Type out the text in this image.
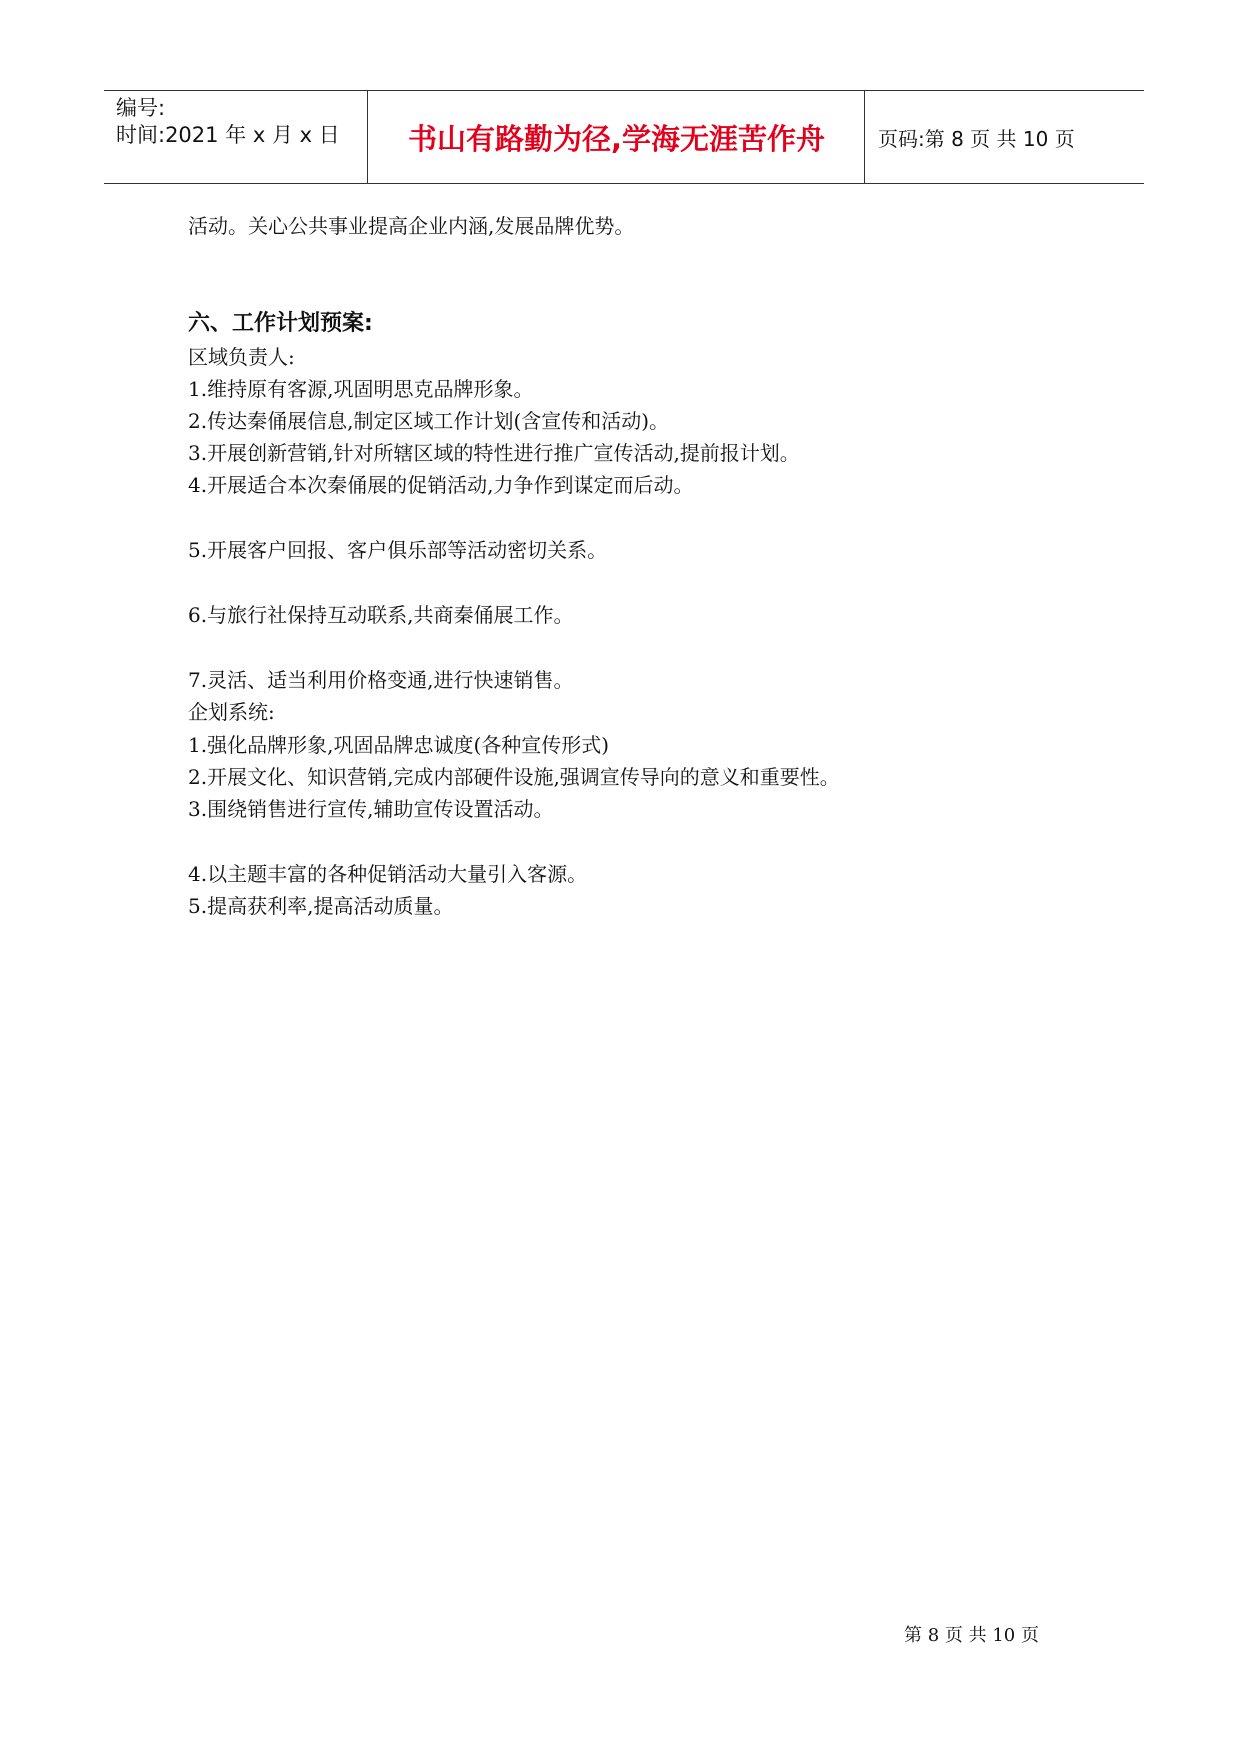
编号:
时间:2021 年 x 月 x 日	书山有路勤为径,学海无涯苦作舟	页码:第 8 页 共 10 页
活动。关心公共事业提高企业内涵,发展品牌优势。
六、工作计划预案:
区域负责人:
1.维持原有客源,巩固明思克品牌形象。
2.传达秦俑展信息,制定区域工作计划(含宣传和活动)。
3.开展创新营销,针对所辖区域的特性进行推广宣传活动,提前报计划。
4.开展适合本次秦俑展的促销活动,力争作到谋定而后动。
5.开展客户回报、客户俱乐部等活动密切关系。
6.与旅行社保持互动联系,共商秦俑展工作。
7.灵活、适当利用价格变通,进行快速销售。
企划系统:
1.强化品牌形象,巩固品牌忠诚度(各种宣传形式)
2.开展文化、知识营销,完成内部硬件设施,强调宣传导向的意义和重要性。
3.围绕销售进行宣传,辅助宣传设置活动。
4.以主题丰富的各种促销活动大量引入客源。
5.提高获利率,提高活动质量。
第 8 页 共 10 页
